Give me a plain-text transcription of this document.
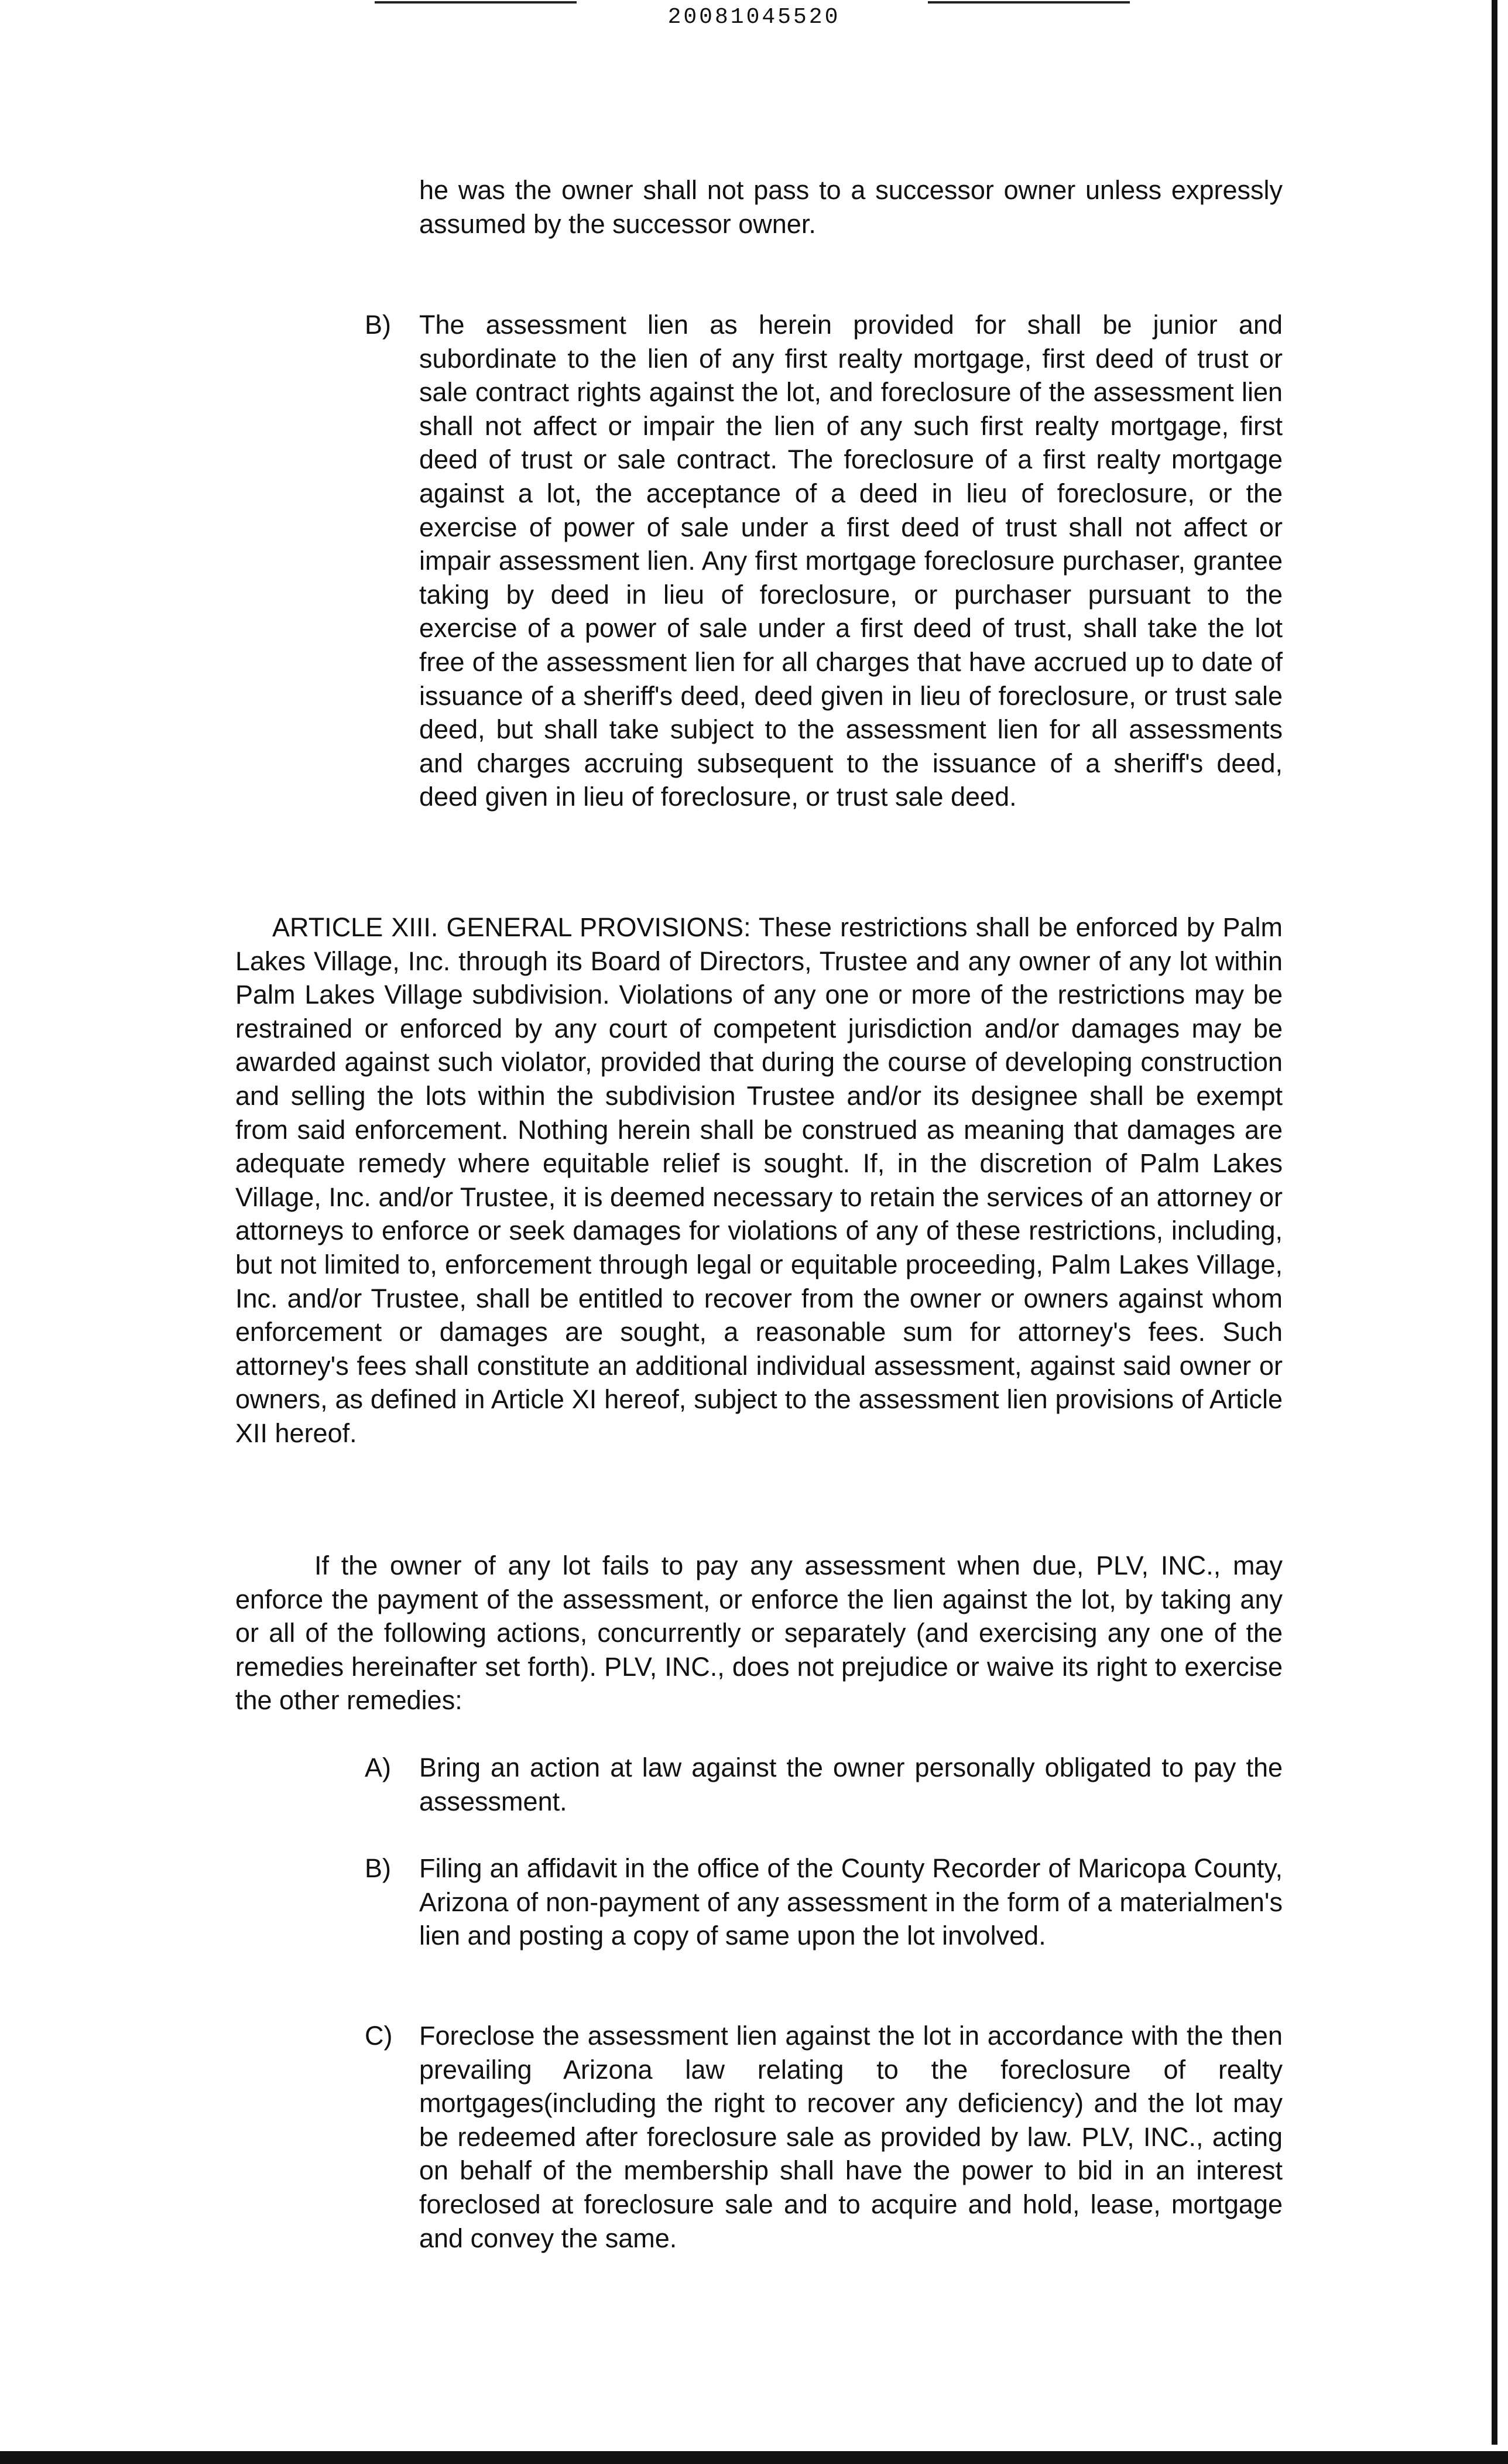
20081045520

he was the owner shall not pass to a successor owner unless expressly assumed by the successor owner.

B) The assessment lien as herein provided for shall be junior and subordinate to the lien of any first realty mortgage, first deed of trust or sale contract rights against the lot, and foreclosure of the assessment lien shall not affect or impair the lien of any such first realty mortgage, first deed of trust or sale contract. The foreclosure of a first realty mortgage against a lot, the acceptance of a deed in lieu of foreclosure, or the exercise of power of sale under a first deed of trust shall not affect or impair assessment lien. Any first mortgage foreclosure purchaser, grantee taking by deed in lieu of foreclosure, or purchaser pursuant to the exercise of a power of sale under a first deed of trust, shall take the lot free of the assessment lien for all charges that have accrued up to date of issuance of a sheriff's deed, deed given in lieu of foreclosure, or trust sale deed, but shall take subject to the assessment lien for all assessments and charges accruing subsequent to the issuance of a sheriff's deed, deed given in lieu of foreclosure, or trust sale deed.

ARTICLE XIII. GENERAL PROVISIONS: These restrictions shall be enforced by Palm Lakes Village, Inc. through its Board of Directors, Trustee and any owner of any lot within Palm Lakes Village subdivision. Violations of any one or more of the restrictions may be restrained or enforced by any court of competent jurisdiction and/or damages may be awarded against such violator, provided that during the course of developing construction and selling the lots within the subdivision Trustee and/or its designee shall be exempt from said enforcement. Nothing herein shall be construed as meaning that damages are adequate remedy where equitable relief is sought. If, in the discretion of Palm Lakes Village, Inc. and/or Trustee, it is deemed necessary to retain the services of an attorney or attorneys to enforce or seek damages for violations of any of these restrictions, including, but not limited to, enforcement through legal or equitable proceeding, Palm Lakes Village, Inc. and/or Trustee, shall be entitled to recover from the owner or owners against whom enforcement or damages are sought, a reasonable sum for attorney's fees. Such attorney's fees shall constitute an additional individual assessment, against said owner or owners, as defined in Article XI hereof, subject to the assessment lien provisions of Article XII hereof.

If the owner of any lot fails to pay any assessment when due, PLV, INC., may enforce the payment of the assessment, or enforce the lien against the lot, by taking any or all of the following actions, concurrently or separately (and exercising any one of the remedies hereinafter set forth). PLV, INC., does not prejudice or waive its right to exercise the other remedies:

A) Bring an action at law against the owner personally obligated to pay the assessment.
B) Filing an affidavit in the office of the County Recorder of Maricopa County, Arizona of non-payment of any assessment in the form of a materialmen's lien and posting a copy of same upon the lot involved.
C) Foreclose the assessment lien against the lot in accordance with the then prevailing Arizona law relating to the foreclosure of realty mortgages(including the right to recover any deficiency) and the lot may be redeemed after foreclosure sale as provided by law. PLV, INC., acting on behalf of the membership shall have the power to bid in an interest foreclosed at foreclosure sale and to acquire and hold, lease, mortgage and convey the same.
